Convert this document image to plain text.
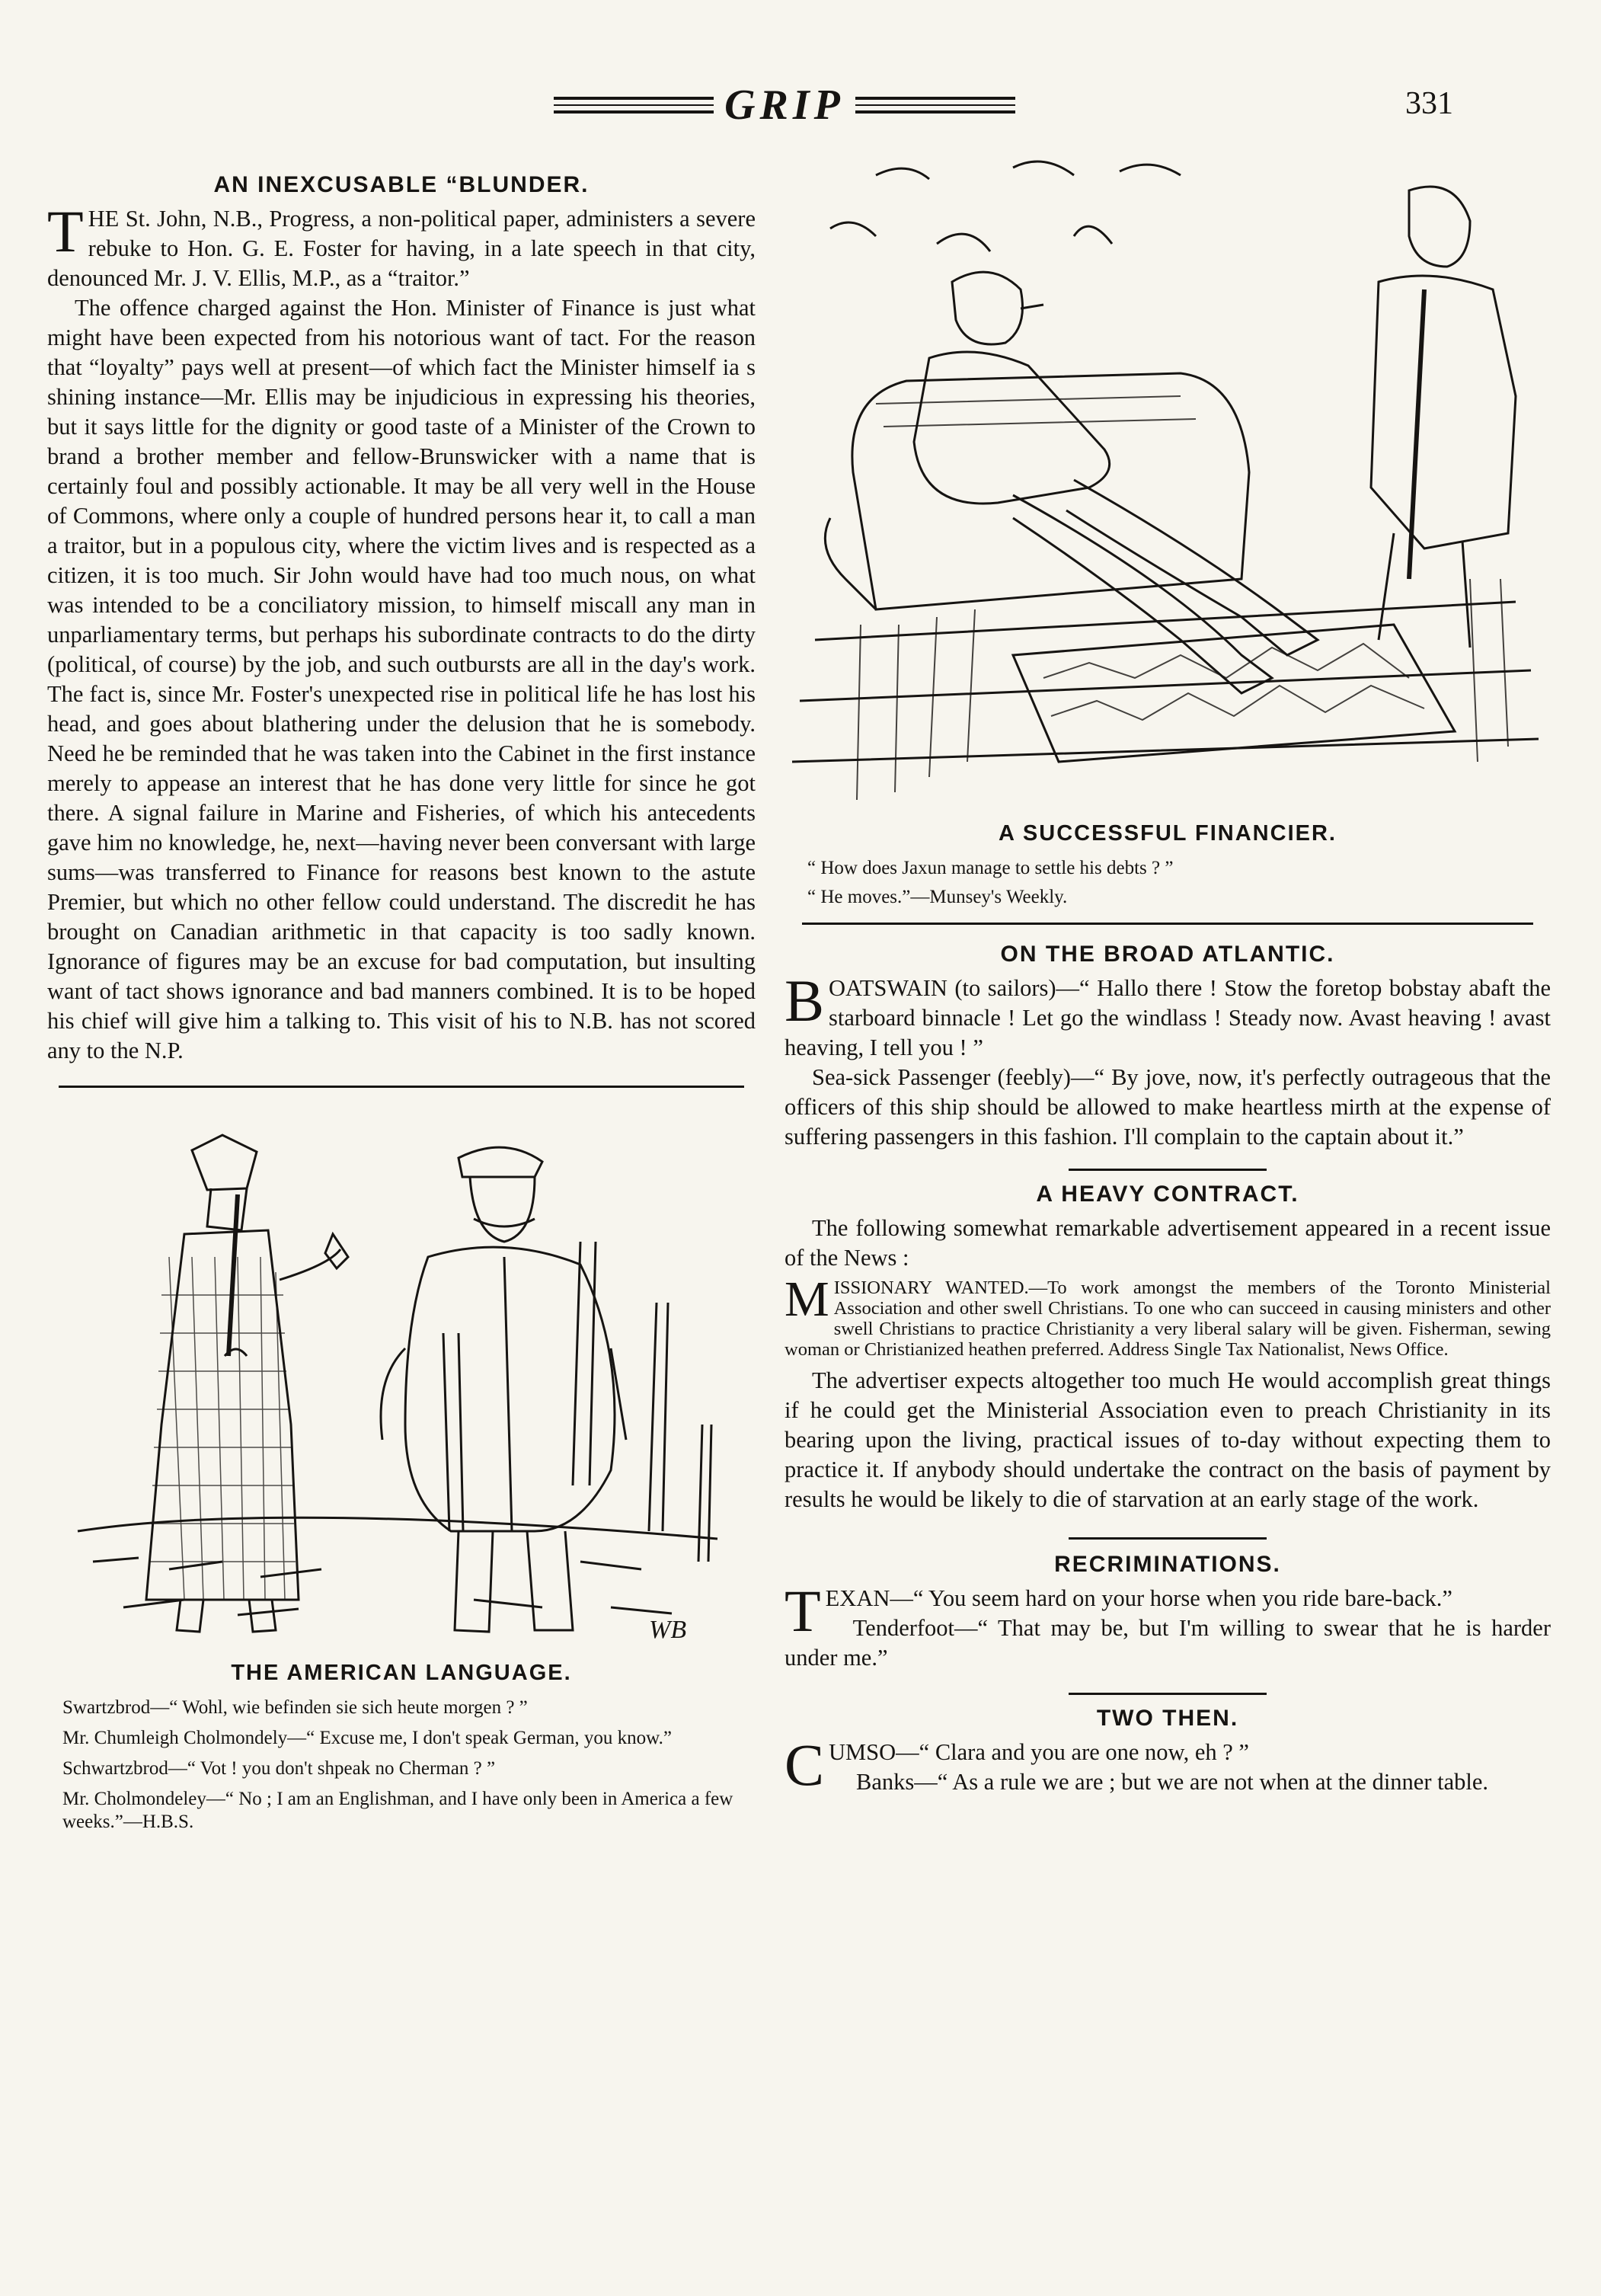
GRIP	331
AN INEXCUSABLE “BLUNDER.

THE St. John, N.B., Progress, a non-political paper, administers a severe rebuke to Hon. G. E. Foster for having, in a late speech in that city, denounced Mr. J. V. Ellis, M.P., as a “traitor.”

The offence charged against the Hon. Minister of Finance is just what might have been expected from his notorious want of tact. For the reason that “loyalty” pays well at present—of which fact the Minister himself ia s shining instance—Mr. Ellis may be injudicious in expressing his theories, but it says little for the dignity or good taste of a Minister of the Crown to brand a brother member and fellow-Brunswicker with a name that is certainly foul and possibly actionable. It may be all very well in the House of Commons, where only a couple of hundred persons hear it, to call a man a traitor, but in a populous city, where the victim lives and is respected as a citizen, it is too much. Sir John would have had too much nous, on what was intended to be a conciliatory mission, to himself miscall any man in unparliamentary terms, but perhaps his subordinate contracts to do the dirty (political, of course) by the job, and such outbursts are all in the day's work. The fact is, since Mr. Foster's unexpected rise in political life he has lost his head, and goes about blathering under the delusion that he is somebody. Need he be reminded that he was taken into the Cabinet in the first instance merely to appease an interest that he has done very little for since he got there. A signal failure in Marine and Fisheries, of which his antecedents gave him no knowledge, he, next—having never been conversant with large sums—was transferred to Finance for reasons best known to the astute Premier, but which no other fellow could understand. The discredit he has brought on Canadian arithmetic in that capacity is too sadly known. Ignorance of figures may be an excuse for bad computation, but insulting want of tact shows ignorance and bad manners combined. It is to be hoped his chief will give him a talking to. This visit of his to N.B. has not scored any to the N.P.

WB
THE AMERICAN LANGUAGE.

Swartzbrod—“ Wohl, wie befinden sie sich heute morgen ? ”

Mr. Chumleigh Cholmondely—“ Excuse me, I don't speak German, you know.”

Schwartzbrod—“ Vot ! you don't shpeak no Cherman ? ”

Mr. Cholmondeley—“ No ; I am an Englishman, and I have only been in America a few weeks.”—H.B.S.

A SUCCESSFUL FINANCIER.

“ How does Jaxun manage to settle his debts ? ”

“ He moves.”—Munsey's Weekly.

ON THE BROAD ATLANTIC.

BOATSWAIN (to sailors)—“ Hallo there ! Stow the foretop bobstay abaft the starboard binnacle ! Let go the windlass ! Steady now. Avast heaving ! avast heaving, I tell you ! ”

Sea-sick Passenger (feebly)—“ By jove, now, it's perfectly outrageous that the officers of this ship should be allowed to make heartless mirth at the expense of suffering passengers in this fashion. I'll complain to the captain about it.”

A HEAVY CONTRACT.

The following somewhat remarkable advertisement appeared in a recent issue of the News :

MISSIONARY WANTED.—To work amongst the members of the Toronto Ministerial Association and other swell Christians. To one who can succeed in causing ministers and other swell Christians to practice Christianity a very liberal salary will be given. Fisherman, sewing woman or Christianized heathen preferred. Address Single Tax Nationalist, News Office.

The advertiser expects altogether too much He would accomplish great things if he could get the Ministerial Association even to preach Christianity in its bearing upon the living, practical issues of to-day without expecting them to practice it. If anybody should undertake the contract on the basis of payment by results he would be likely to die of starvation at an early stage of the work.

RECRIMINATIONS.

TEXAN—“ You seem hard on your horse when you ride bare-back.”

Tenderfoot—“ That may be, but I'm willing to swear that he is harder under me.”

TWO THEN.

CUMSO—“ Clara and you are one now, eh ? ”

Banks—“ As a rule we are ; but we are not when at the dinner table.
